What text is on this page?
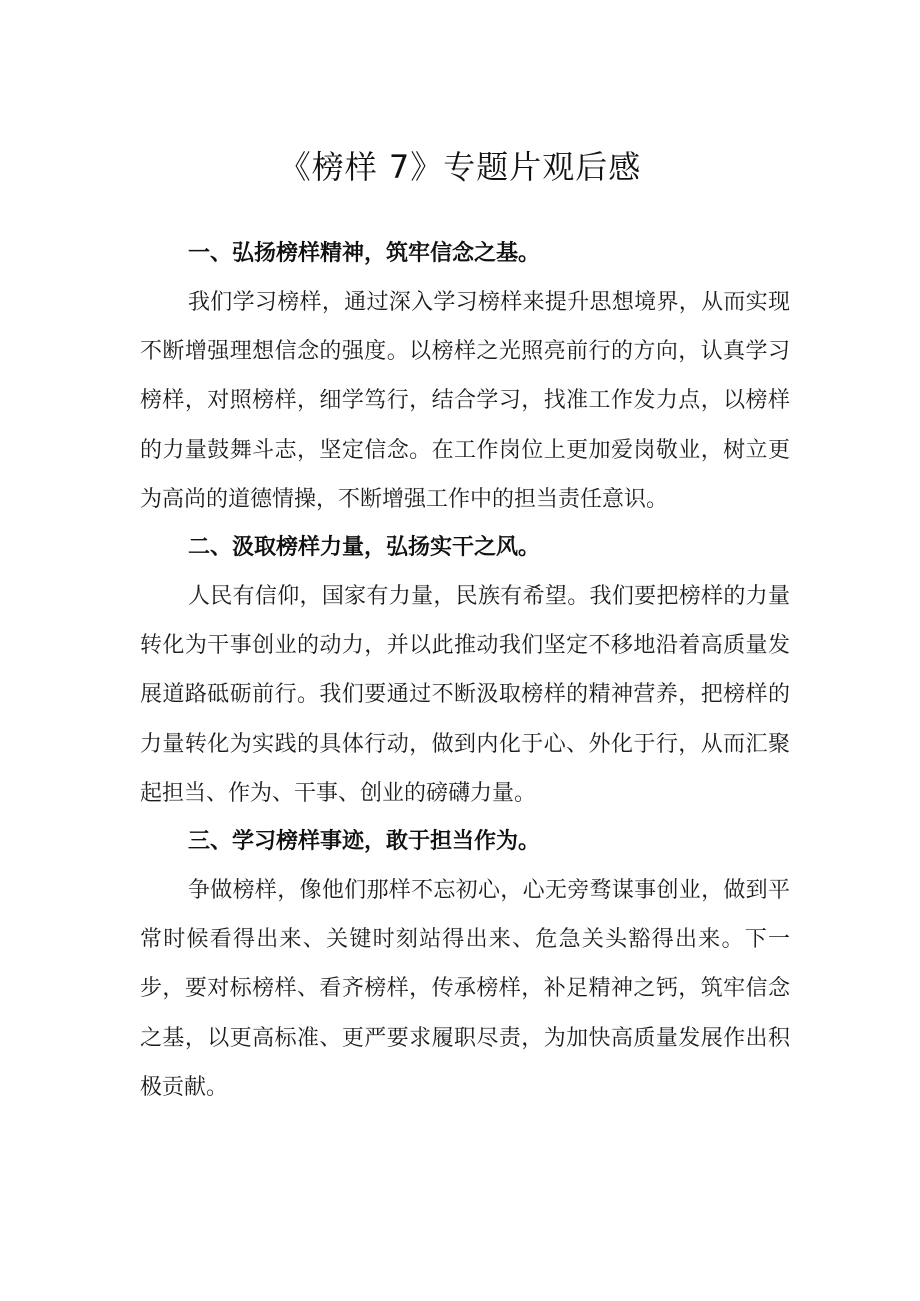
《榜样 7》专题片观后感
一、弘扬榜样精神，筑牢信念之基。

我们学习榜样，通过深入学习榜样来提升思想境界，从而实现不断增强理想信念的强度。以榜样之光照亮前行的方向，认真学习榜样，对照榜样，细学笃行，结合学习，找准工作发力点，以榜样的力量鼓舞斗志，坚定信念。在工作岗位上更加爱岗敬业，树立更为高尚的道德情操，不断增强工作中的担当责任意识。

二、汲取榜样力量，弘扬实干之风。

人民有信仰，国家有力量，民族有希望。我们要把榜样的力量转化为干事创业的动力，并以此推动我们坚定不移地沿着高质量发展道路砥砺前行。我们要通过不断汲取榜样的精神营养，把榜样的力量转化为实践的具体行动，做到内化于心、外化于行，从而汇聚起担当、作为、干事、创业的磅礴力量。

三、学习榜样事迹，敢于担当作为。

争做榜样，像他们那样不忘初心，心无旁骛谋事创业，做到平常时候看得出来、关键时刻站得出来、危急关头豁得出来。下一步，要对标榜样、看齐榜样，传承榜样，补足精神之钙，筑牢信念之基，以更高标准、更严要求履职尽责，为加快高质量发展作出积极贡献。
